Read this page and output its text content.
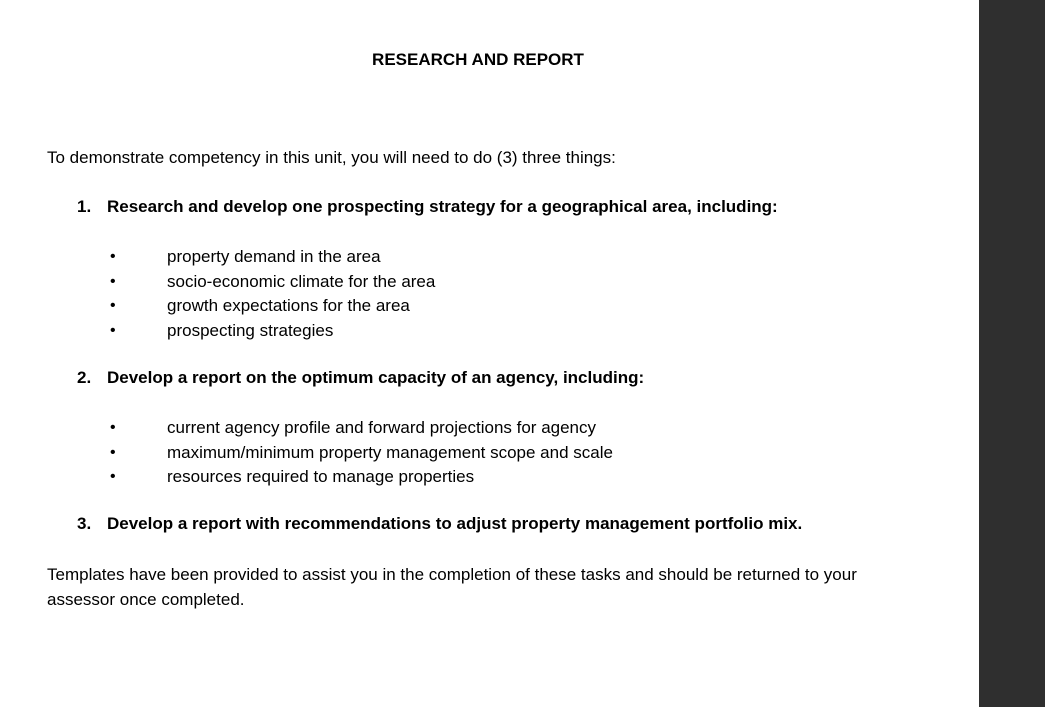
RESEARCH AND REPORT
To demonstrate competency in this unit, you will need to do (3) three things:
1. Research and develop one prospecting strategy for a geographical area, including:
•	property demand in the area
•	socio-economic climate for the area
•	growth expectations for the area
•	prospecting strategies
2. Develop a report on the optimum capacity of an agency, including:
•	current agency profile and forward projections for agency
•	maximum/minimum property management scope and scale
•	resources required to manage properties
3. Develop a report with recommendations to adjust property management portfolio mix.
Templates have been provided to assist you in the completion of these tasks and should be returned to your assessor once completed.
